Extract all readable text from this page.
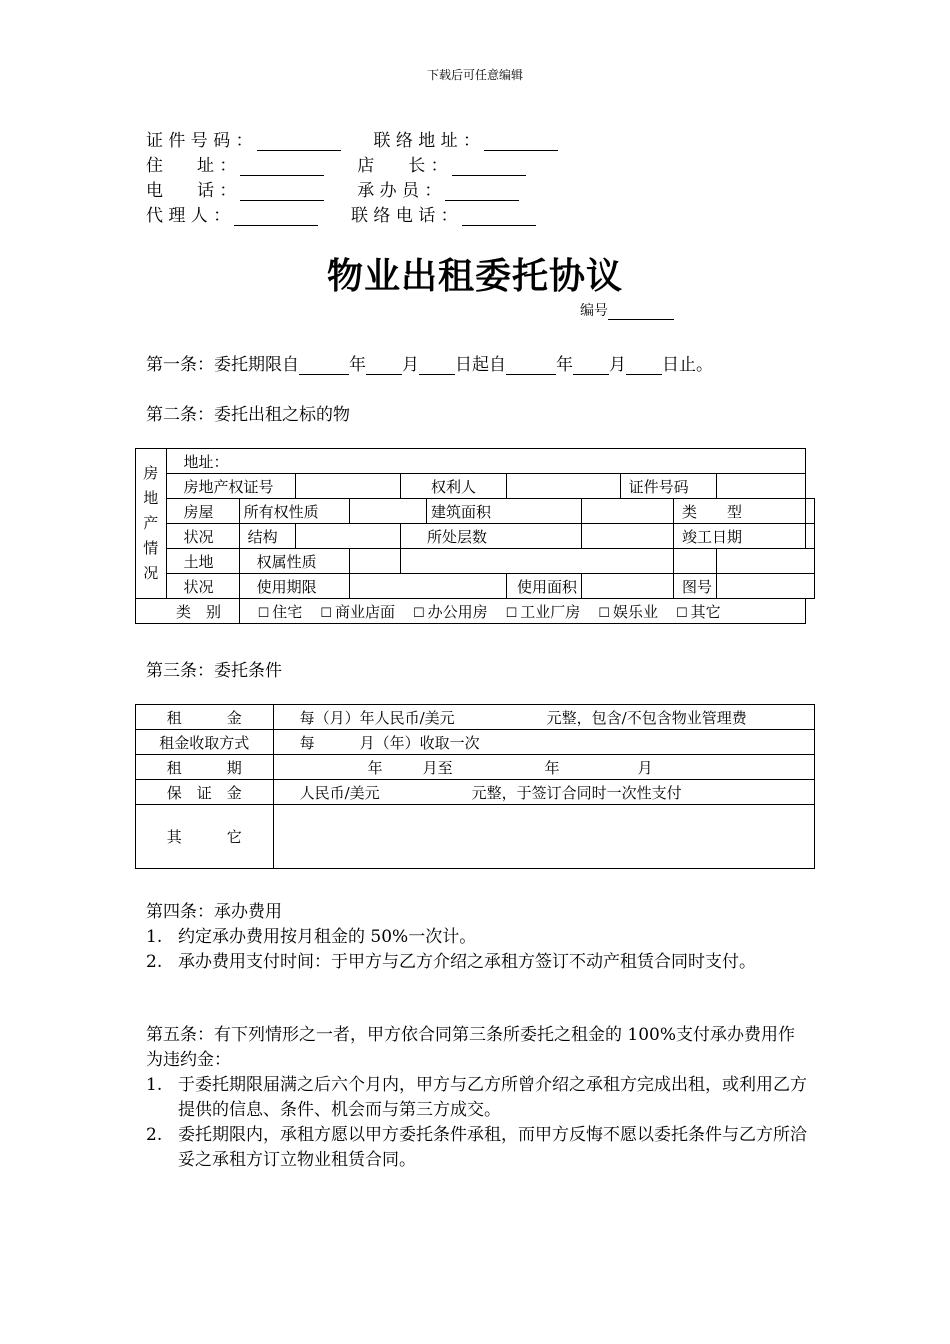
下载后可任意编辑
证 件 号 码 ：	联 络 地 址 ：
住　　址 ：	店　　长 ：
电　　话 ：	承 办 员 ：
代 理 人 ：	联 络 电 话 ：
物业出租委托协议
编号
第一条：委托期限自	年 月 日起自	年 月 日止。
第二条：委托出租之标的物
房
地
产
情
况	地址：											
	房地产权证号				权利人				证件号码			
	房屋	所有权性质				建筑面积				类　　型		
	状况	结构			所处层数					竣工日期		
	土地	权属性质										
	状况	使用期限					使用面积			图号		
类　别		☐ 住宅 ☐ 商业店面 ☐ 办公用房 ☐ 工业厂房 ☐ 娱乐业 ☐ 其它										
第三条：委托条件
租　　　金	每（月）年人民币/美元 元整，包含/不包含物业管理费
租金收取方式	每　　　月（年）收取一次
租　　　期	年 月至 年 月
保　证　金	人民币/美元 元整，于签订合同时一次性支付
其　　　它	
第四条：承办费用
1. 约定承办费用按月租金的 50%一次计。
2. 承办费用支付时间：于甲方与乙方介绍之承租方签订不动产租赁合同时支付。
第五条：有下列情形之一者，甲方依合同第三条所委托之租金的 100%支付承办费用作为违约金：
1. 于委托期限届满之后六个月内，甲方与乙方所曾介绍之承租方完成出租，或利用乙方提供的信息、条件、机会而与第三方成交。
2. 委托期限内，承租方愿以甲方委托条件承租，而甲方反悔不愿以委托条件与乙方所洽妥之承租方订立物业租赁合同。
